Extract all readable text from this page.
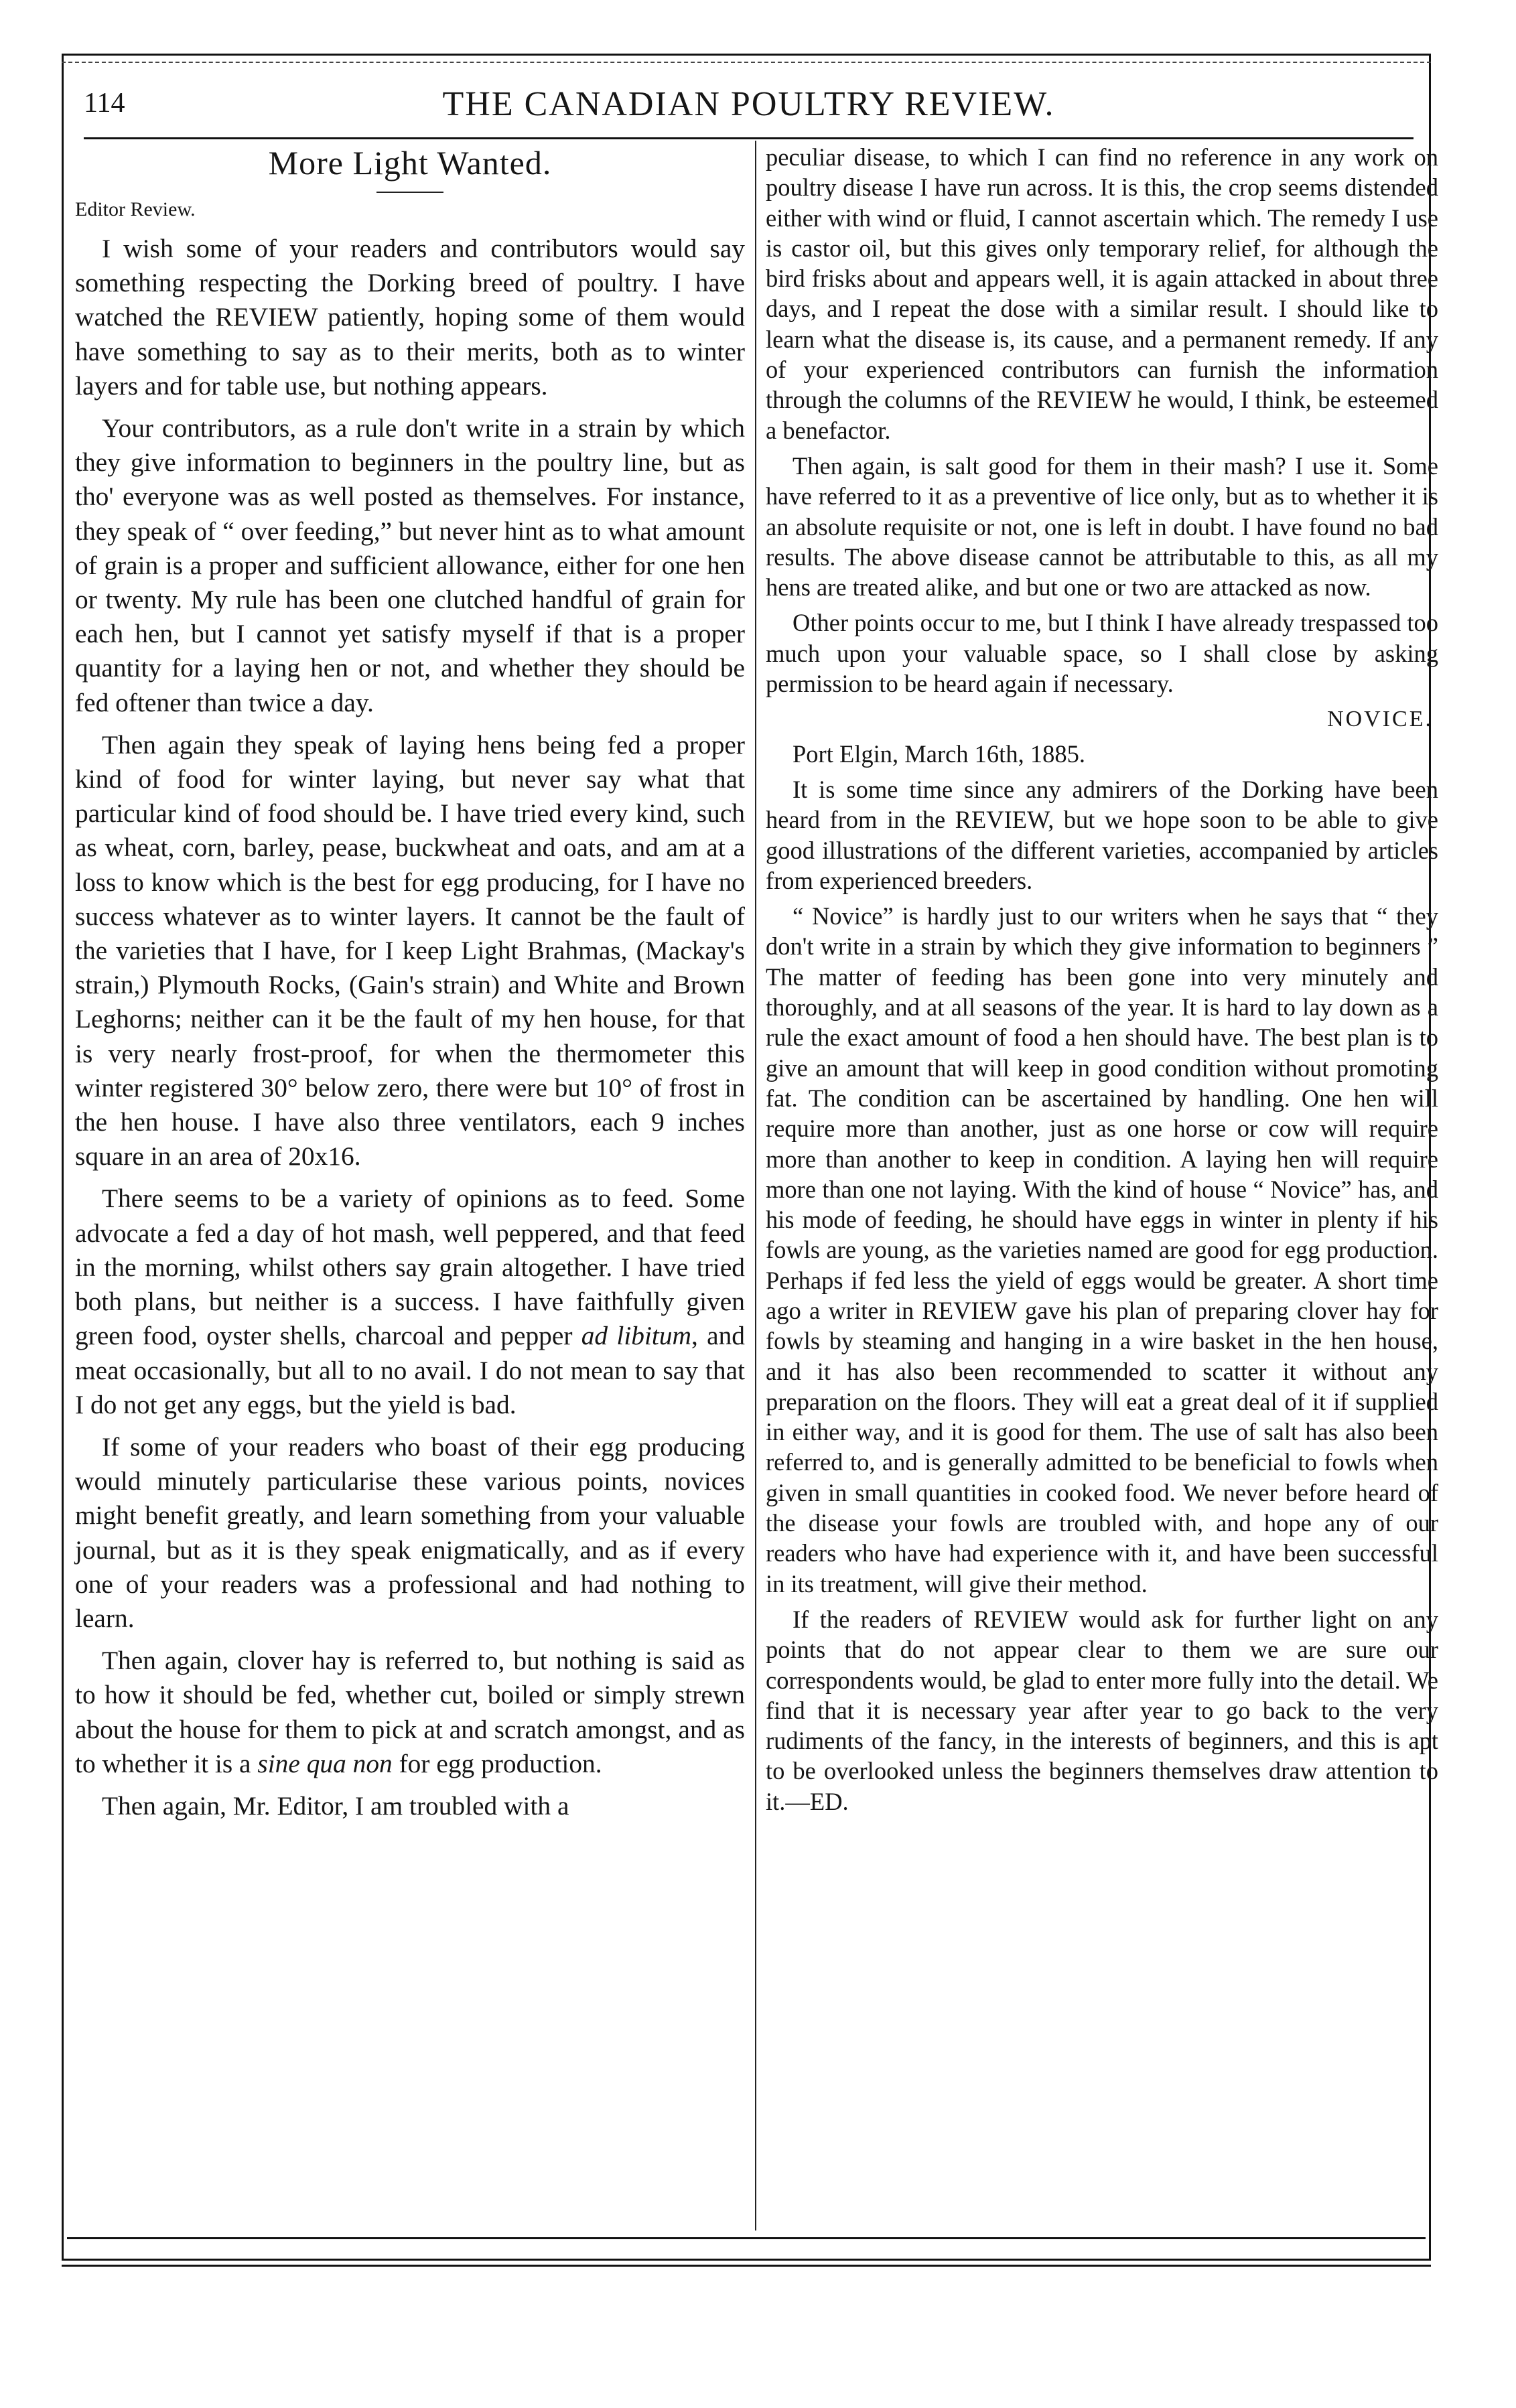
114	THE CANADIAN POULTRY REVIEW.
More Light Wanted.

Editor Review.

I wish some of your readers and contributors would say something respecting the Dorking breed of poultry. I have watched the REVIEW patiently, hoping some of them would have something to say as to their merits, both as to winter layers and for table use, but nothing appears.

Your contributors, as a rule don't write in a strain by which they give information to beginners in the poultry line, but as tho' everyone was as well posted as themselves. For instance, they speak of “ over feeding,” but never hint as to what amount of grain is a proper and sufficient allowance, either for one hen or twenty. My rule has been one clutched handful of grain for each hen, but I cannot yet satisfy myself if that is a proper quantity for a laying hen or not, and whether they should be fed oftener than twice a day.

Then again they speak of laying hens being fed a proper kind of food for winter laying, but never say what that particular kind of food should be. I have tried every kind, such as wheat, corn, barley, pease, buckwheat and oats, and am at a loss to know which is the best for egg producing, for I have no success whatever as to winter layers. It cannot be the fault of the varieties that I have, for I keep Light Brahmas, (Mackay's strain,) Plymouth Rocks, (Gain's strain) and White and Brown Leghorns; neither can it be the fault of my hen house, for that is very nearly frost-proof, for when the thermometer this winter registered 30° below zero, there were but 10° of frost in the hen house. I have also three ventilators, each 9 inches square in an area of 20x16.

There seems to be a variety of opinions as to feed. Some advocate a fed a day of hot mash, well peppered, and that feed in the morning, whilst others say grain altogether. I have tried both plans, but neither is a success. I have faithfully given green food, oyster shells, charcoal and pepper ad libitum, and meat occasionally, but all to no avail. I do not mean to say that I do not get any eggs, but the yield is bad.

If some of your readers who boast of their egg producing would minutely particularise these various points, novices might benefit greatly, and learn something from your valuable journal, but as it is they speak enigmatically, and as if every one of your readers was a professional and had nothing to learn.

Then again, clover hay is referred to, but nothing is said as to how it should be fed, whether cut, boiled or simply strewn about the house for them to pick at and scratch amongst, and as to whether it is a sine qua non for egg production.

Then again, Mr. Editor, I am troubled with a

peculiar disease, to which I can find no reference in any work on poultry disease I have run across. It is this, the crop seems distended either with wind or fluid, I cannot ascertain which. The remedy I use is castor oil, but this gives only temporary relief, for although the bird frisks about and appears well, it is again attacked in about three days, and I repeat the dose with a similar result. I should like to learn what the disease is, its cause, and a permanent remedy. If any of your experienced contributors can furnish the information through the columns of the REVIEW he would, I think, be esteemed a benefactor.

Then again, is salt good for them in their mash? I use it. Some have referred to it as a preventive of lice only, but as to whether it is an absolute requisite or not, one is left in doubt. I have found no bad results. The above disease cannot be attributable to this, as all my hens are treated alike, and but one or two are attacked as now.

Other points occur to me, but I think I have already trespassed too much upon your valuable space, so I shall close by asking permission to be heard again if necessary.

NOVICE.

Port Elgin, March 16th, 1885.

It is some time since any admirers of the Dorking have been heard from in the REVIEW, but we hope soon to be able to give good illustrations of the different varieties, accompanied by articles from experienced breeders.

“ Novice” is hardly just to our writers when he says that “ they don't write in a strain by which they give information to beginners ” The matter of feeding has been gone into very minutely and thoroughly, and at all seasons of the year. It is hard to lay down as a rule the exact amount of food a hen should have. The best plan is to give an amount that will keep in good condition without promoting fat. The condition can be ascertained by handling. One hen will require more than another, just as one horse or cow will require more than another to keep in condition. A laying hen will require more than one not laying. With the kind of house “ Novice” has, and his mode of feeding, he should have eggs in winter in plenty if his fowls are young, as the varieties named are good for egg production. Perhaps if fed less the yield of eggs would be greater. A short time ago a writer in REVIEW gave his plan of preparing clover hay for fowls by steaming and hanging in a wire basket in the hen house, and it has also been recommended to scatter it without any preparation on the floors. They will eat a great deal of it if supplied in either way, and it is good for them. The use of salt has also been referred to, and is generally admitted to be beneficial to fowls when given in small quantities in cooked food. We never before heard of the disease your fowls are troubled with, and hope any of our readers who have had experience with it, and have been successful in its treatment, will give their method.

If the readers of REVIEW would ask for further light on any points that do not appear clear to them we are sure our correspondents would, be glad to enter more fully into the detail. We find that it is necessary year after year to go back to the very rudiments of the fancy, in the interests of beginners, and this is apt to be overlooked unless the beginners themselves draw attention to it.—ED.
